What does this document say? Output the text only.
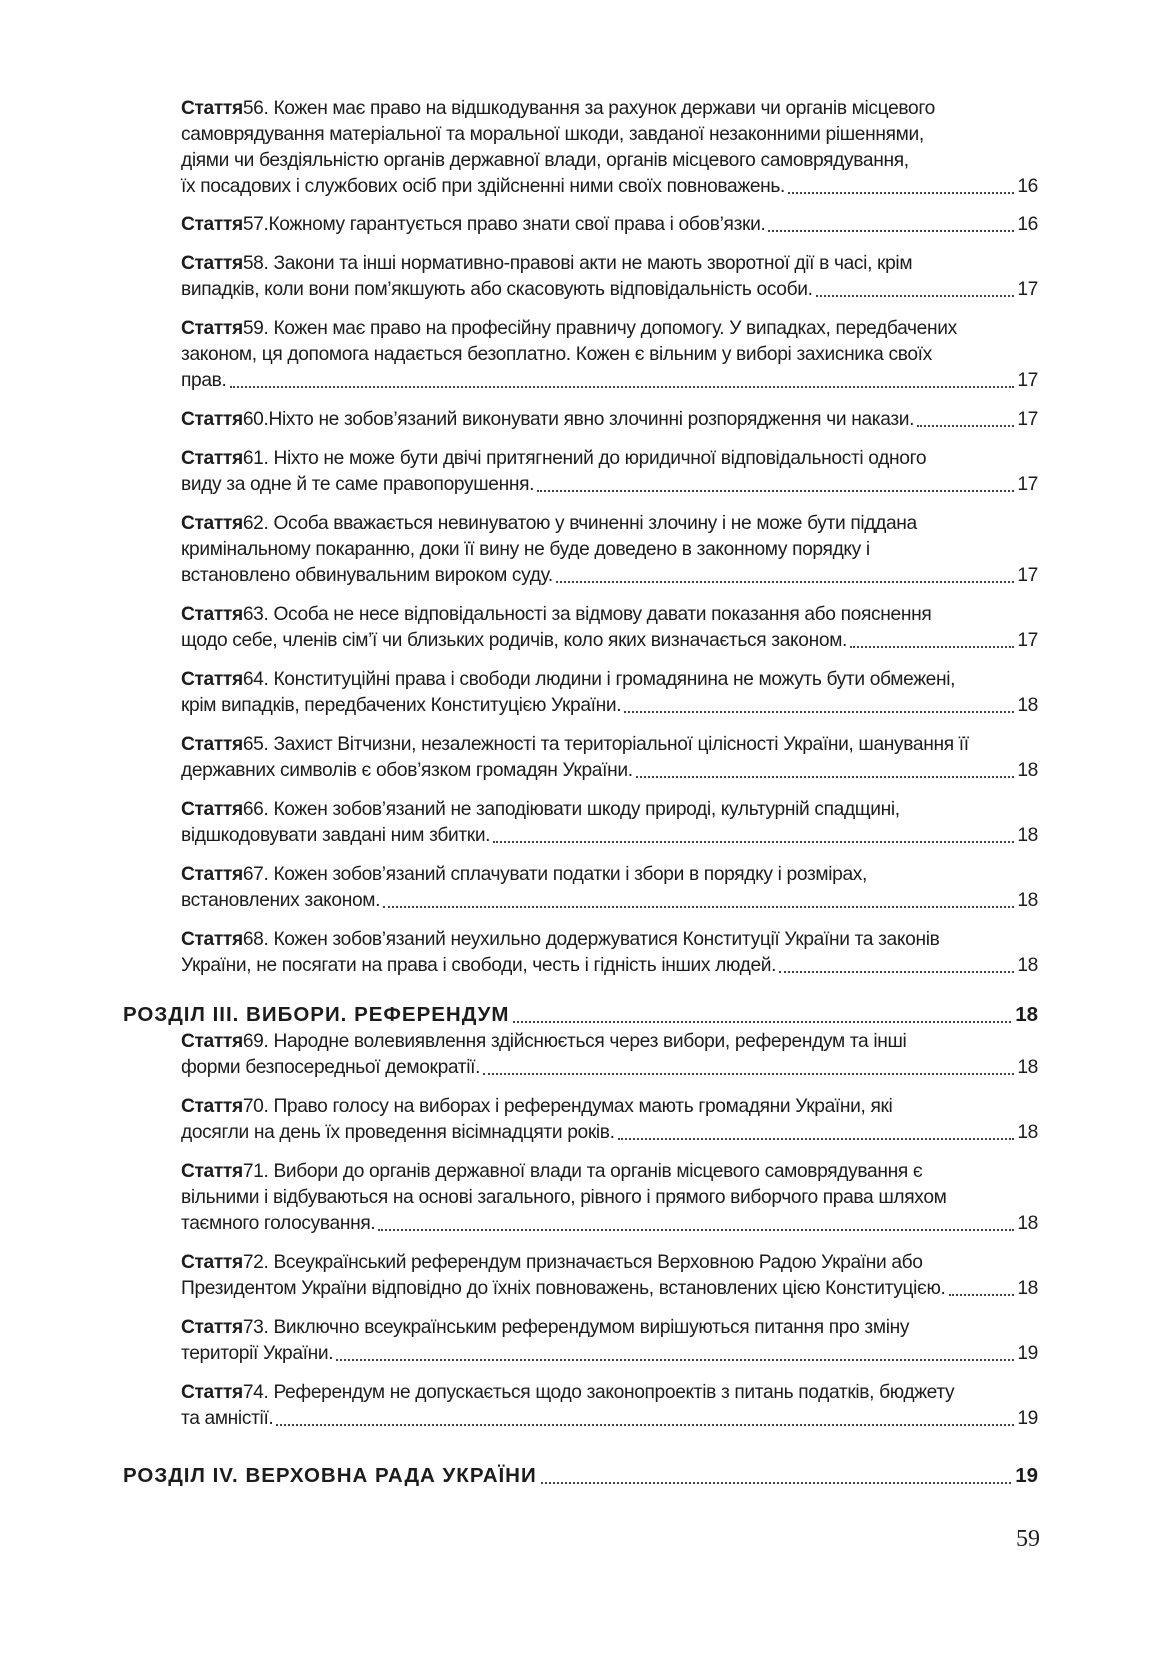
Стаття56. Кожен має право на відшкодування за рахунок держави чи органів місцевого
самоврядування матеріальної та моральної шкоди, завданої незаконними рішеннями,
діями чи бездіяльністю органів державної влади, органів місцевого самоврядування,
їх посадових і службових осіб при здійсненні ними своїх повноважень.	16
Стаття 57 . Кожному гарантується право знати свої права і обов’язки.	16
Стаття58. Закони та інші нормативно-правові акти не мають зворотної дії в часі, крім
випадків, коли вони пом’якшують або скасовують відповідальність особи.	17
Стаття59. Кожен має право на професійну правничу допомогу. У випадках, передбачених
законом, ця допомога надається безоплатно. Кожен є вільним у виборі захисника своїх
прав.	17
Стаття 60 . Ніхто не зобов’язаний виконувати явно злочинні розпорядження чи накази.	17
Стаття61. Ніхто не може бути двічі притягнений до юридичної відповідальності одного
виду за одне й те саме правопорушення.	17
Стаття62. Особа вважається невинуватою у вчиненні злочину і не може бути піддана
кримінальному покаранню, доки її вину не буде доведено в законному порядку і
встановлено обвинувальним вироком суду.	17
Стаття63. Особа не несе відповідальності за відмову давати показання або пояснення
щодо себе, членів сім’ї чи близьких родичів, коло яких визначається законом.	17
Стаття64. Конституційні права і свободи людини і громадянина не можуть бути обмежені,
крім випадків, передбачених Конституцією України.	18
Стаття65. Захист Вітчизни, незалежності та територіальної цілісності України, шанування її
державних символів є обов’язком громадян України.	18
Стаття66. Кожен зобов’язаний не заподіювати шкоду природі, культурній спадщині,
відшкодовувати завдані ним збитки.	18
Стаття67. Кожен зобов’язаний сплачувати податки і збори в порядку і розмірах,
встановлених законом.	18
Стаття68. Кожен зобов’язаний неухильно додержуватися Конституції України та законів
України, не посягати на права і свободи, честь і гідність інших людей.	18
РОЗДІЛ III. ВИБОРИ. РЕФЕРЕНДУМ	18
Стаття69. Народне волевиявлення здійснюється через вибори, референдум та інші
форми безпосередньої демократії.	18
Стаття70. Право голосу на виборах і референдумах мають громадяни України, які
досягли на день їх проведення вісімнадцяти років.	18
Стаття71. Вибори до органів державної влади та органів місцевого самоврядування є
вільними і відбуваються на основі загального, рівного і прямого виборчого права шляхом
таємного голосування.	18
Стаття72. Всеукраїнський референдум призначається Верховною Радою України або
Президентом України відповідно до їхніх повноважень, встановлених цією Конституцією.	18
Стаття73. Виключно всеукраїнським референдумом вирішуються питання про зміну
території України.	19
Стаття74. Референдум не допускається щодо законопроектів з питань податків, бюджету
та амністії.	19
РОЗДІЛ IV. ВЕРХОВНА РАДА УКРАЇНИ	19
59
